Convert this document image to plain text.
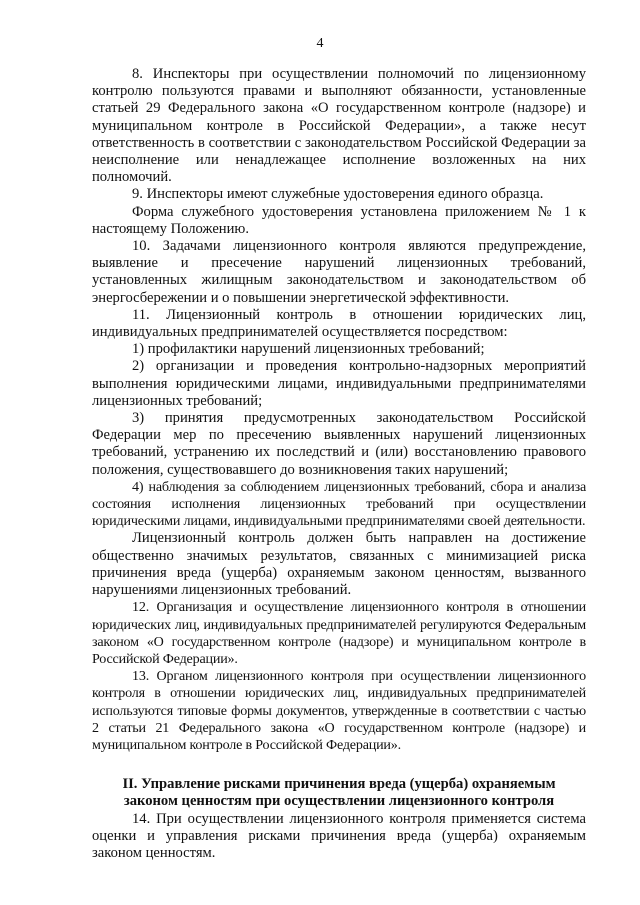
4

8. Инспекторы при осуществлении полномочий по лицензионному контролю пользуются правами и выполняют обязанности, установленные статьей 29 Федерального закона «О государственном контроле (надзоре) и муниципальном контроле в Российской Федерации», а также несут ответственность в соответствии с законодательством Российской Федерации за неисполнение или ненадлежащее исполнение возложенных на них полномочий.

9. Инспекторы имеют служебные удостоверения единого образца.

Форма служебного удостоверения установлена приложением № 1 к настоящему Положению.

10. Задачами лицензионного контроля являются предупреждение, выявление и пресечение нарушений лицензионных требований, установленных жилищным законодательством и законодательством об энергосбережении и о повышении энергетической эффективности.

11. Лицензионный контроль в отношении юридических лиц, индивидуальных предпринимателей осуществляется посредством:

1) профилактики нарушений лицензионных требований;

2) организации и проведения контрольно-надзорных мероприятий выполнения юридическими лицами, индивидуальными предпринимателями лицензионных требований;

3) принятия предусмотренных законодательством Российской Федерации мер по пресечению выявленных нарушений лицензионных требований, устранению их последствий и (или) восстановлению правового положения, существовавшего до возникновения таких нарушений;

4) наблюдения за соблюдением лицензионных требований, сбора и анализа состояния исполнения лицензионных требований при осуществлении юридическими лицами, индивидуальными предпринимателями своей деятельности.

Лицензионный контроль должен быть направлен на достижение общественно значимых результатов, связанных с минимизацией риска причинения вреда (ущерба) охраняемым законом ценностям, вызванного нарушениями лицензионных требований.

12. Организация и осуществление лицензионного контроля в отношении юридических лиц, индивидуальных предпринимателей регулируются Федеральным законом «О государственном контроле (надзоре) и муниципальном контроле в Российской Федерации».

13. Органом лицензионного контроля при осуществлении лицензионного контроля в отношении юридических лиц, индивидуальных предпринимателей используются типовые формы документов, утвержденные в соответствии с частью 2 статьи 21 Федерального закона «О государственном контроле (надзоре) и муниципальном контроле в Российской Федерации».

II. Управление рисками причинения вреда (ущерба) охраняемым законом ценностям при осуществлении лицензионного контроля

14. При осуществлении лицензионного контроля применяется система оценки и управления рисками причинения вреда (ущерба) охраняемым законом ценностям.
